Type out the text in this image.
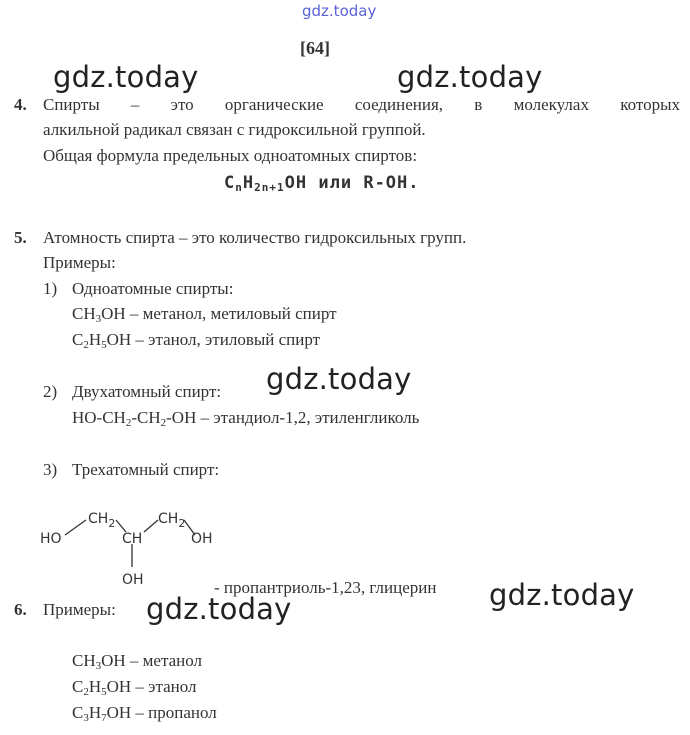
gdz.today
gdz.today	gdz.today
gdz.today
gdz.today
gdz.today
[64]
4. Спирты – это органические соединения, в молекулах которых
алкильной радикал связан с гидроксильной группой.
Общая формула предельных одноатомных спиртов:
$C_nH_{2n+1}OH$ или R-OH.
5. Атомность спирта – это количество гидроксильных групп.
Примеры:
1) Одноатомные спирты:
$CH_3OH$ – метанол, метиловый спирт
$C_2H_5OH$ – этанол, этиловый спирт
2) Двухатомный спирт:
$HO-CH_2-CH_2-OH$ – этандиол-1,2, этиленгликоль
3) Трехатомный спирт:
HO
$CH_2$
CH
$CH_2$
OH
OH	- пропантриоль-1,23, глицерин
6. Примеры:
$CH_3OH$ – метанол
$C_2H_5OH$ – этанол
$C_3H_7OH$ – пропанол
